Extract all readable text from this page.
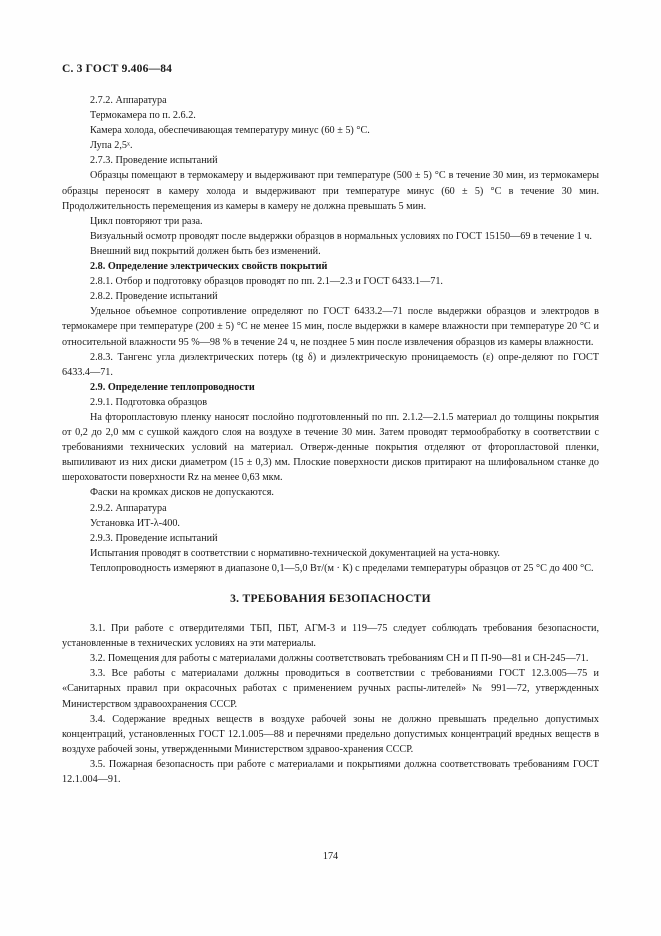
С. 3 ГОСТ 9.406—84

2.7.2. Аппаратура

Термокамера по п. 2.6.2.

Камера холода, обеспечивающая температуру минус (60 ± 5) °С.

Лупа 2,5ˣ.

2.7.3. Проведение испытаний

Образцы помещают в термокамеру и выдерживают при температуре (500 ± 5) °С в течение 30 мин, из термокамеры образцы переносят в камеру холода и выдерживают при температуре минус (60 ± 5) °С в течение 30 мин. Продолжительность перемещения из камеры в камеру не должна превышать 5 мин.

Цикл повторяют три раза.

Визуальный осмотр проводят после выдержки образцов в нормальных условиях по ГОСТ 15150—69 в течение 1 ч.

Внешний вид покрытий должен быть без изменений.

2.8. Определение электрических свойств покрытий

2.8.1. Отбор и подготовку образцов проводят по пп. 2.1—2.3 и ГОСТ 6433.1—71.

2.8.2. Проведение испытаний

Удельное объемное сопротивление определяют по ГОСТ 6433.2—71 после выдержки образцов и электродов в термокамере при температуре (200 ± 5) °С не менее 15 мин, после выдержки в камере влажности при температуре 20 °С и относительной влажности 95 %—98 % в течение 24 ч, не позднее 5 мин после извлечения образцов из камеры влажности.

2.8.3. Тангенс угла диэлектрических потерь (tg δ) и диэлектрическую проницаемость (ε) опре-деляют по ГОСТ 6433.4—71.

2.9. Определение теплопроводности

2.9.1. Подготовка образцов

На фторопластовую пленку наносят послойно подготовленный по пп. 2.1.2—2.1.5 материал до толщины покрытия от 0,2 до 2,0 мм с сушкой каждого слоя на воздухе в течение 30 мин. Затем проводят термообработку в соответствии с требованиями технических условий на материал. Отверж-денные покрытия отделяют от фторопластовой пленки, выпиливают из них диски диаметром (15 ± 0,3) мм. Плоские поверхности дисков притирают на шлифовальном станке до шероховатости поверхности Rz на менее 0,63 мкм.

Фаски на кромках дисков не допускаются.

2.9.2. Аппаратура

Установка ИТ-λ-400.

2.9.3. Проведение испытаний

Испытания проводят в соответствии с нормативно-технической документацией на уста-новку.

Теплопроводность измеряют в диапазоне 0,1—5,0 Вт/(м · К) с пределами температуры образцов от 25 °С до 400 °С.

3. ТРЕБОВАНИЯ БЕЗОПАСНОСТИ

3.1. При работе с отвердителями ТБП, ПБТ, АГМ-3 и 119—75 следует соблюдать требования безопасности, установленные в технических условиях на эти материалы.

3.2. Помещения для работы с материалами должны соответствовать требованиям СН и П П-90—81 и СН-245—71.

3.3. Все работы с материалами должны проводиться в соответствии с требованиями ГОСТ 12.3.005—75 и «Санитарных правил при окрасочных работах с применением ручных распы-лителей» № 991—72, утвержденных Министерством здравоохранения СССР.

3.4. Содержание вредных веществ в воздухе рабочей зоны не должно превышать предельно допустимых концентраций, установленных ГОСТ 12.1.005—88 и перечнями предельно допустимых концентраций вредных веществ в воздухе рабочей зоны, утвержденными Министерством здравоо-хранения СССР.

3.5. Пожарная безопасность при работе с материалами и покрытиями должна соответствовать требованиям ГОСТ 12.1.004—91.

174
